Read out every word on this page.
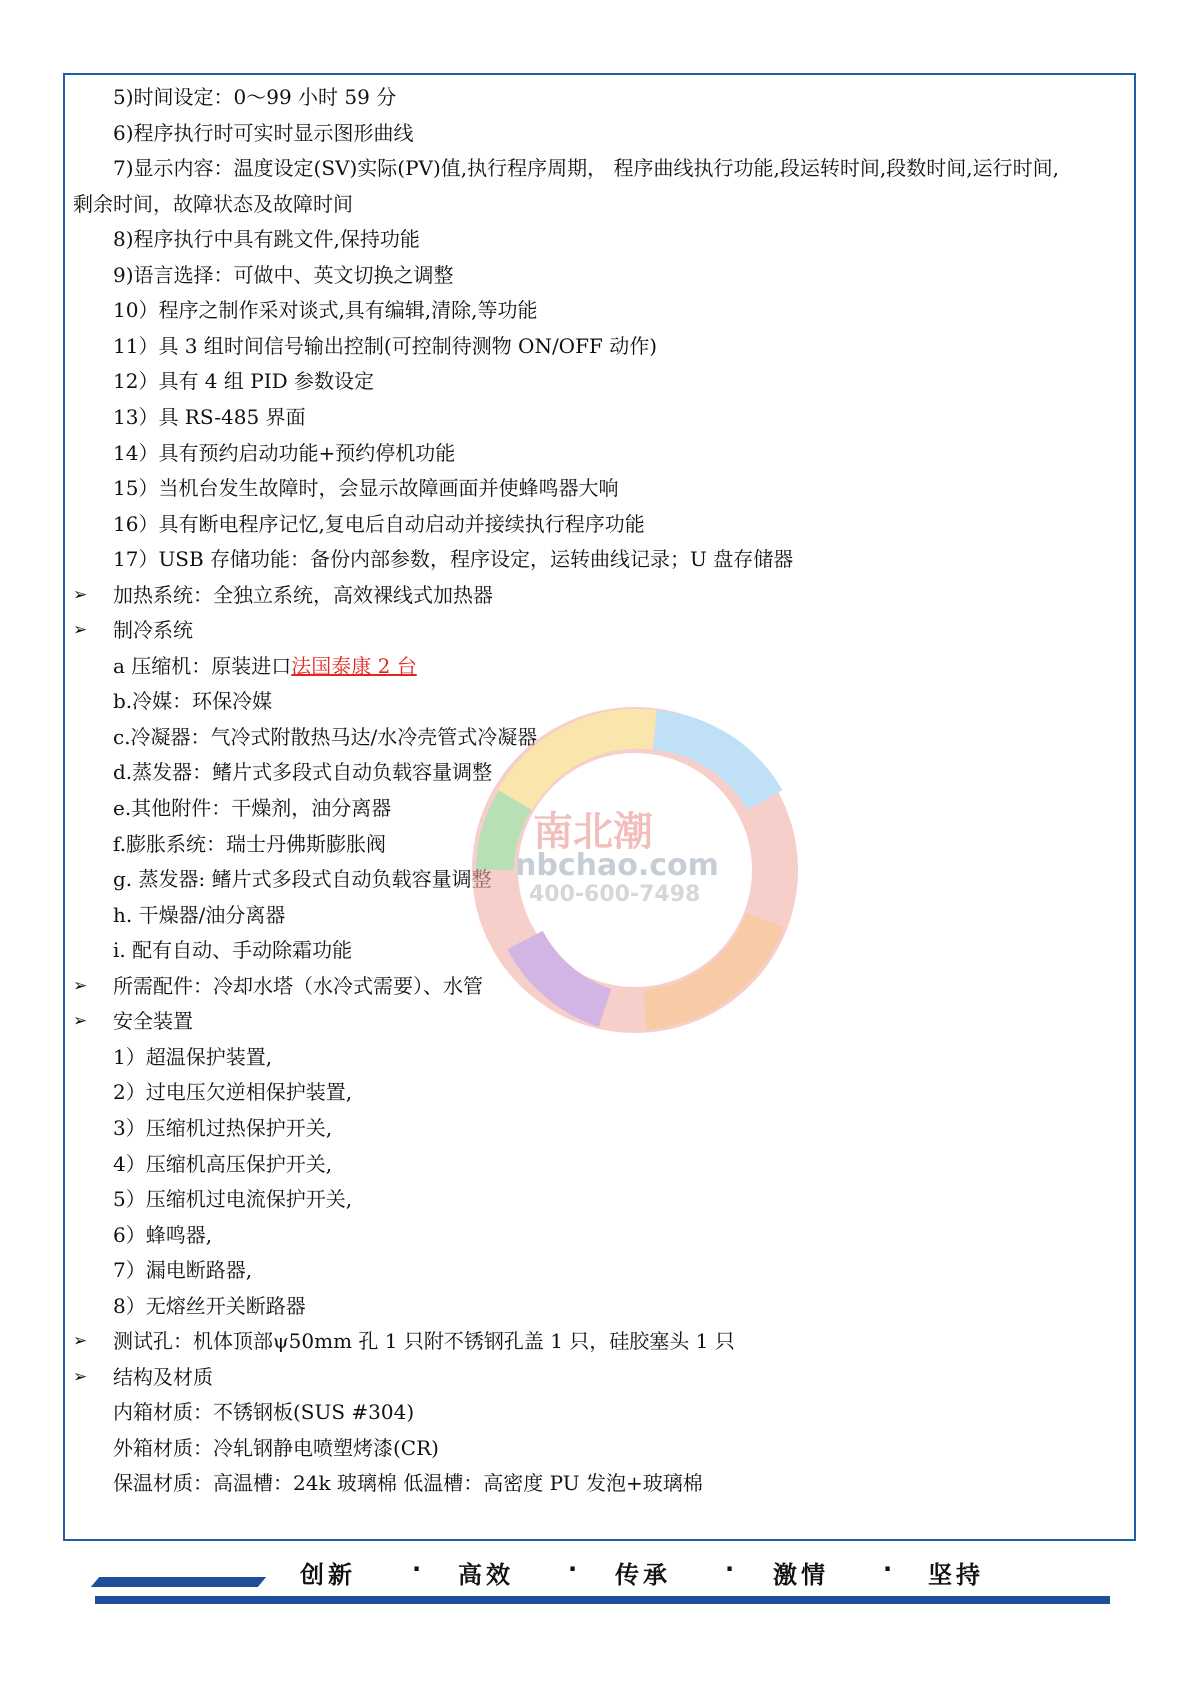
5)时间设定：0～99 小时 59 分
6)程序执行时可实时显示图形曲线
7)显示内容：温度设定(SV)实际(PV)值,执行程序周期， 程序曲线执行功能,段运转时间,段数时间,运行时间,
剩余时间，故障状态及故障时间
8)程序执行中具有跳文件,保持功能
9)语言选择：可做中、英文切换之调整
10）程序之制作采对谈式,具有编辑,清除,等功能
11）具 3 组时间信号输出控制(可控制待测物 ON/OFF 动作)
12）具有 4 组 PID 参数设定
13）具 RS-485 界面
14）具有预约启动功能+预约停机功能
15）当机台发生故障时，会显示故障画面并使蜂鸣器大响
16）具有断电程序记忆,复电后自动启动并接续执行程序功能
17）USB 存储功能：备份内部参数，程序设定，运转曲线记录；U 盘存储器
➢	加热系统：全独立系统，高效裸线式加热器
➢	制冷系统
a 压缩机：原装进口法国泰康 2 台
b.冷媒：环保冷媒
c.冷凝器：气冷式附散热马达/水冷壳管式冷凝器
d.蒸发器：鳍片式多段式自动负载容量调整
e.其他附件：干燥剂，油分离器
f.膨胀系统：瑞士丹佛斯膨胀阀
g. 蒸发器: 鳍片式多段式自动负载容量调整
h. 干燥器/油分离器
i. 配有自动、手动除霜功能
➢	所需配件：冷却水塔（水冷式需要）、水管
➢	安全装置
1）超温保护装置,
2）过电压欠逆相保护装置,
3）压缩机过热保护开关,
4）压缩机高压保护开关,
5）压缩机过电流保护开关,
6）蜂鸣器,
7）漏电断路器,
8）无熔丝开关断路器
➢	测试孔：机体顶部ψ50mm 孔 1 只附不锈钢孔盖 1 只，硅胶塞头 1 只
➢	结构及材质
内箱材质：不锈钢板(SUS #304)
外箱材质：冷轧钢静电喷塑烤漆(CR)
保温材质：高温槽：24k 玻璃棉 低温槽：高密度 PU 发泡+玻璃棉
南北潮
nbchao.com
400-600-7498
创新 · 高效 · 传承 · 激情 · 坚持
